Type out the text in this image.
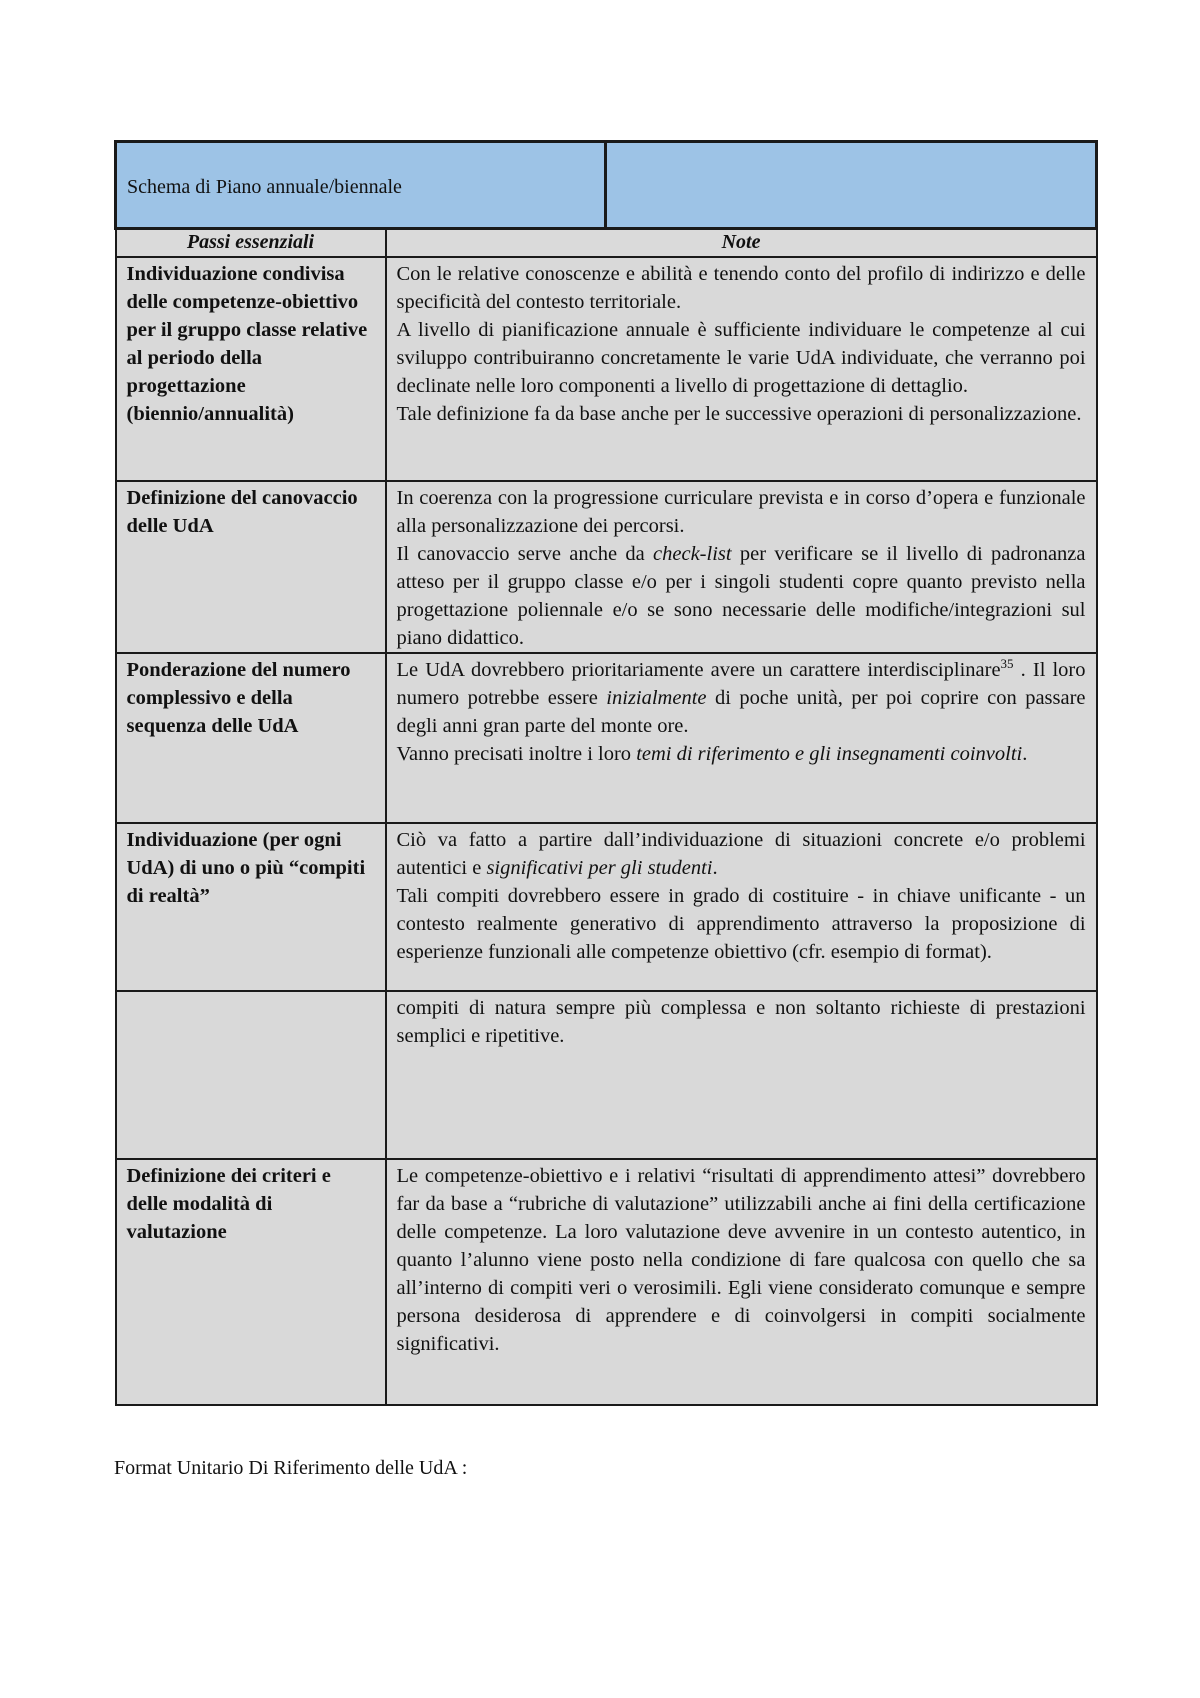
Schema di Piano annuale/biennale		
Passi essenziali	Note	
Individuazione condivisa delle competenze-obiettivo per il gruppo classe relative al periodo della progettazione (biennio/annualità)	Con le relative conoscenze e abilità e tenendo conto del profilo di indirizzo e delle specificità del contesto territoriale.

A livello di pianificazione annuale è sufficiente individuare le competenze al cui sviluppo contribuiranno concretamente le varie UdA individuate, che verranno poi declinate nelle loro componenti a livello di progettazione di dettaglio.

Tale definizione fa da base anche per le successive operazioni di personalizzazione.	

Definizione del canovaccio delle UdA	In coerenza con la progressione curriculare prevista e in corso d’opera e funzionale alla personalizzazione dei percorsi.

Il canovaccio serve anche da check-list per verificare se il livello di padronanza atteso per il gruppo classe e/o per i singoli studenti copre quanto previsto nella progettazione poliennale e/o se sono necessarie delle modifiche/integrazioni sul piano didattico.	

Ponderazione del numero complessivo e della sequenza delle UdA	Le UdA dovrebbero prioritariamente avere un carattere interdisciplinare$^{35}$ . Il loro numero potrebbe essere inizialmente di poche unità, per poi coprire con passare degli anni gran parte del monte ore.

Vanno precisati inoltre i loro temi di riferimento e gli insegnamenti coinvolti.	

Individuazione (per ogni UdA) di uno o più “compiti di realtà”	Ciò va fatto a partire dall’individuazione di situazioni concrete e/o problemi autentici e significativi per gli studenti.

Tali compiti dovrebbero essere in grado di costituire - in chiave unificante - un contesto realmente generativo di apprendimento attraverso la proposizione di esperienze funzionali alle competenze obiettivo (cfr. esempio di format).	

	compiti di natura sempre più complessa e non soltanto richieste di prestazioni semplici e ripetitive.	

Definizione dei criteri e delle modalità di valutazione	Le competenze-obiettivo e i relativi “risultati di apprendimento attesi” dovrebbero far da base a “rubriche di valutazione” utilizzabili anche ai fini della certificazione delle competenze. La loro valutazione deve avvenire in un contesto autentico, in quanto l’alunno viene posto nella condizione di fare qualcosa con quello che sa all’interno di compiti veri o verosimili. Egli viene considerato comunque e sempre persona desiderosa di apprendere e di coinvolgersi in compiti socialmente significativi.	

Format Unitario Di Riferimento delle UdA :
